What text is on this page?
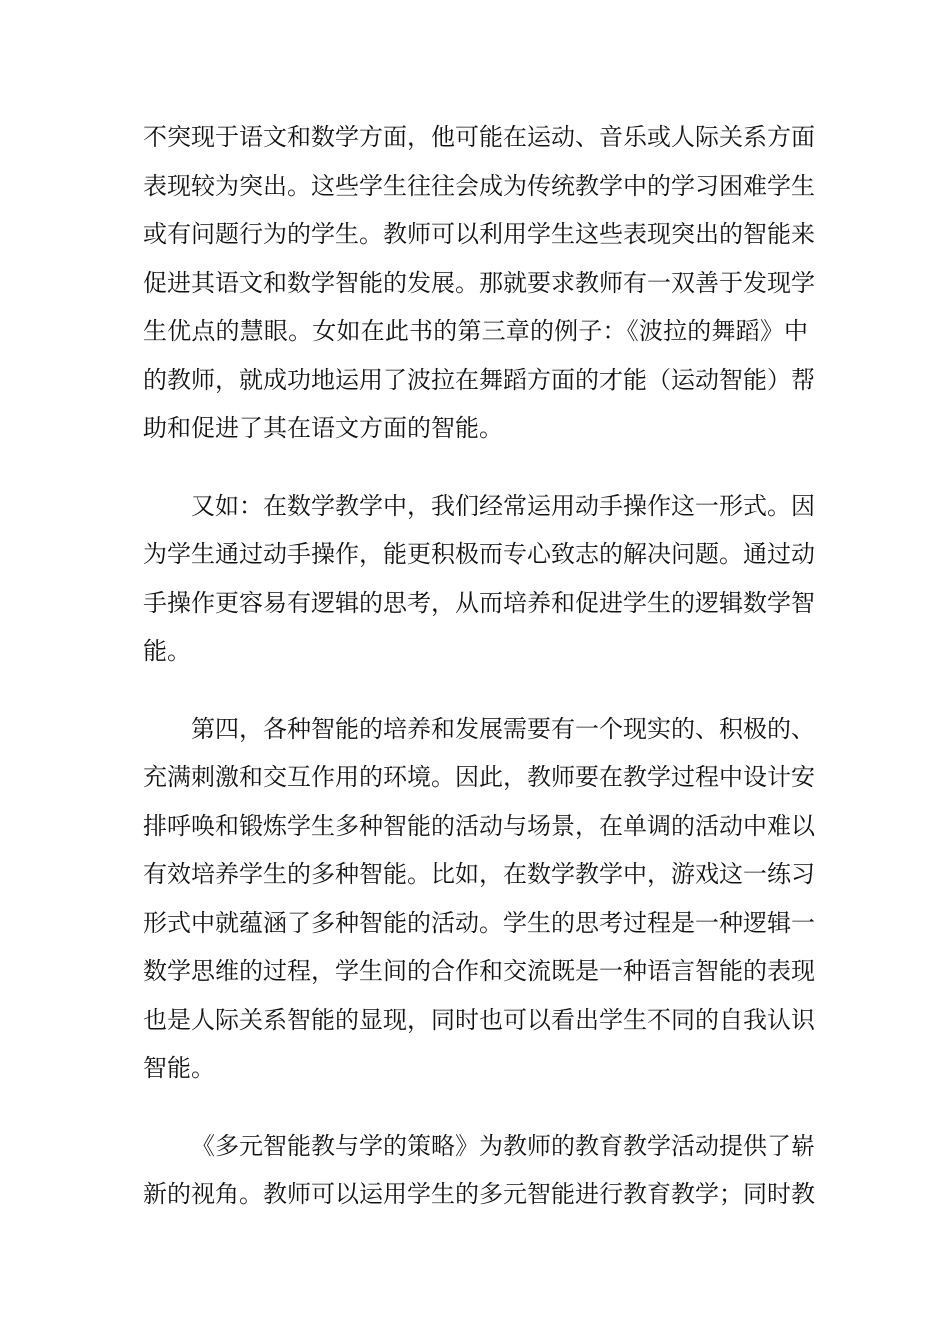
不突现于语文和数学方面，他可能在运动、音乐或人际关系方面
表现较为突出。这些学生往往会成为传统教学中的学习困难学生
或有问题行为的学生。教师可以利用学生这些表现突出的智能来
促进其语文和数学智能的发展。那就要求教师有一双善于发现学
生优点的慧眼。女如在此书的第三章的例子：《波拉的舞蹈》中
的教师，就成功地运用了波拉在舞蹈方面的才能（运动智能）帮
助和促进了其在语文方面的智能。
又如：在数学教学中，我们经常运用动手操作这一形式。因
为学生通过动手操作，能更积极而专心致志的解决问题。通过动
手操作更容易有逻辑的思考，从而培养和促进学生的逻辑数学智
能。
第四，各种智能的培养和发展需要有一个现实的、积极的、
充满刺激和交互作用的环境。因此，教师要在教学过程中设计安
排呼唤和锻炼学生多种智能的活动与场景，在单调的活动中难以
有效培养学生的多种智能。比如，在数学教学中，游戏这一练习
形式中就蕴涵了多种智能的活动。学生的思考过程是一种逻辑一
数学思维的过程，学生间的合作和交流既是一种语言智能的表现
也是人际关系智能的显现，同时也可以看出学生不同的自我认识
智能。
《多元智能教与学的策略》为教师的教育教学活动提供了崭
新的视角。教师可以运用学生的多元智能进行教育教学；同时教
